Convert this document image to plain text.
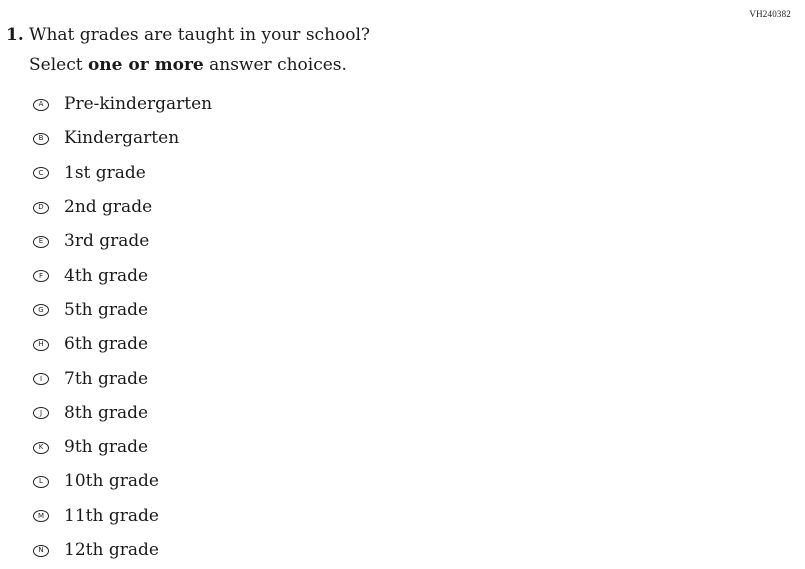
VH240382
1. What grades are taught in your school?
Select one or more answer choices.
A	Pre-kindergarten
B	Kindergarten
C	1st grade
D	2nd grade
E	3rd grade
F	4th grade
G	5th grade
H	6th grade
I	7th grade
J	8th grade
K	9th grade
L	10th grade
M 11th grade
N	12th grade
